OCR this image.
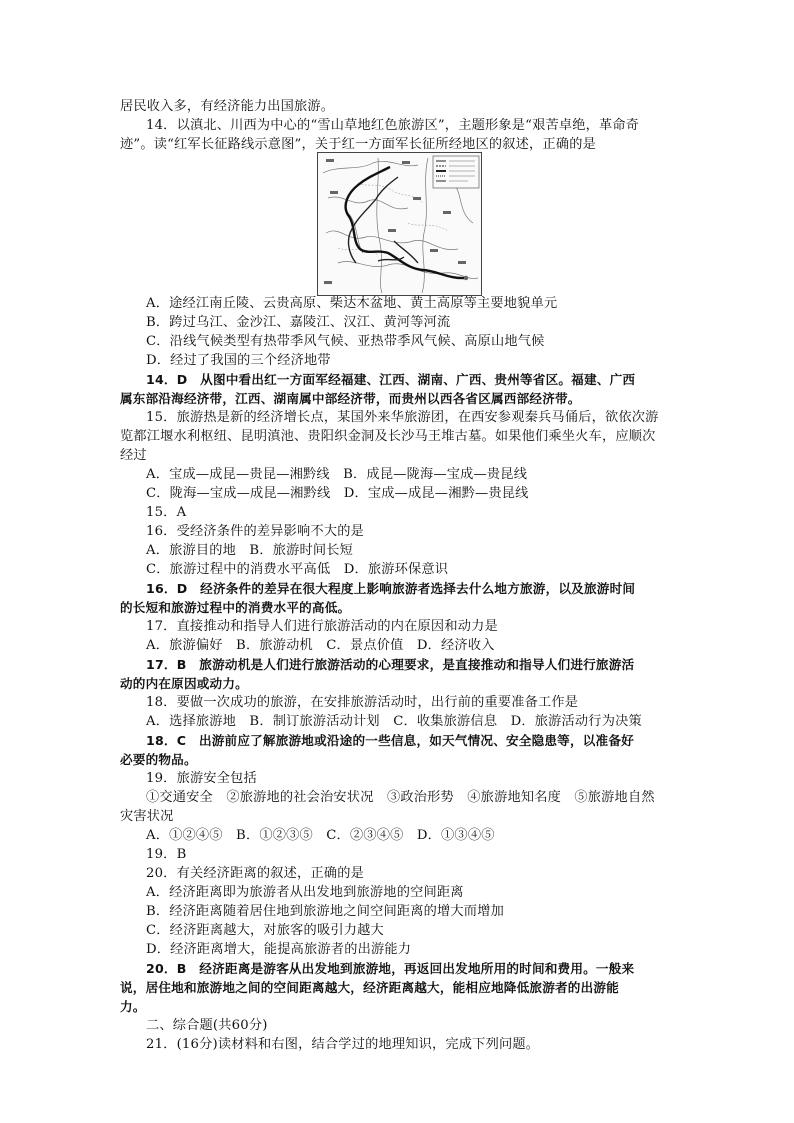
居民收入多，有经济能力出国旅游。
14．以滇北、川西为中心的“雪山草地红色旅游区”，主题形象是“艰苦卓绝，革命奇
迹”。读“红军长征路线示意图”，关于红一方面军长征所经地区的叙述，正确的是
A．途经江南丘陵、云贵高原、柴达木盆地、黄土高原等主要地貌单元
B．跨过乌江、金沙江、嘉陵江、汉江、黄河等河流
C．沿线气候类型有热带季风气候、亚热带季风气候、高原山地气候
D．经过了我国的三个经济地带
14．D　从图中看出红一方面军经福建、江西、湖南、广西、贵州等省区。福建、广西
属东部沿海经济带，江西、湖南属中部经济带，而贵州以西各省区属西部经济带。
15．旅游热是新的经济增长点，某国外来华旅游团，在西安参观秦兵马俑后，欲依次游
览都江堰水利枢纽、昆明滇池、贵阳织金洞及长沙马王堆古墓。如果他们乘坐火车，应顺次
经过
A．宝成—成昆—贵昆—湘黔线　B．成昆—陇海—宝成—贵昆线
C．陇海—宝成—成昆—湘黔线　D．宝成—成昆—湘黔—贵昆线
15．A
16．受经济条件的差异影响不大的是
A．旅游目的地　B．旅游时间长短
C．旅游过程中的消费水平高低　D．旅游环保意识
16．D　经济条件的差异在很大程度上影响旅游者选择去什么地方旅游，以及旅游时间
的长短和旅游过程中的消费水平的高低。
17．直接推动和指导人们进行旅游活动的内在原因和动力是
A．旅游偏好　B．旅游动机　C．景点价值　D．经济收入
17．B　旅游动机是人们进行旅游活动的心理要求，是直接推动和指导人们进行旅游活
动的内在原因或动力。
18．要做一次成功的旅游，在安排旅游活动时，出行前的重要准备工作是
A．选择旅游地　B．制订旅游活动计划　C．收集旅游信息　D．旅游活动行为决策
18．C　出游前应了解旅游地或沿途的一些信息，如天气情况、安全隐患等，以准备好
必要的物品。
19．旅游安全包括
①交通安全　②旅游地的社会治安状况　③政治形势　④旅游地知名度　⑤旅游地自然
灾害状况
A．①②④⑤　B．①②③⑤　C．②③④⑤　D．①③④⑤
19．B
20．有关经济距离的叙述，正确的是
A．经济距离即为旅游者从出发地到旅游地的空间距离
B．经济距离随着居住地到旅游地之间空间距离的增大而增加
C．经济距离越大，对旅客的吸引力越大
D．经济距离增大，能提高旅游者的出游能力
20．B　经济距离是游客从出发地到旅游地，再返回出发地所用的时间和费用。一般来
说，居住地和旅游地之间的空间距离越大，经济距离越大，能相应地降低旅游者的出游能
力。
二、综合题(共60分)
21．(16分)读材料和右图，结合学过的地理知识，完成下列问题。
